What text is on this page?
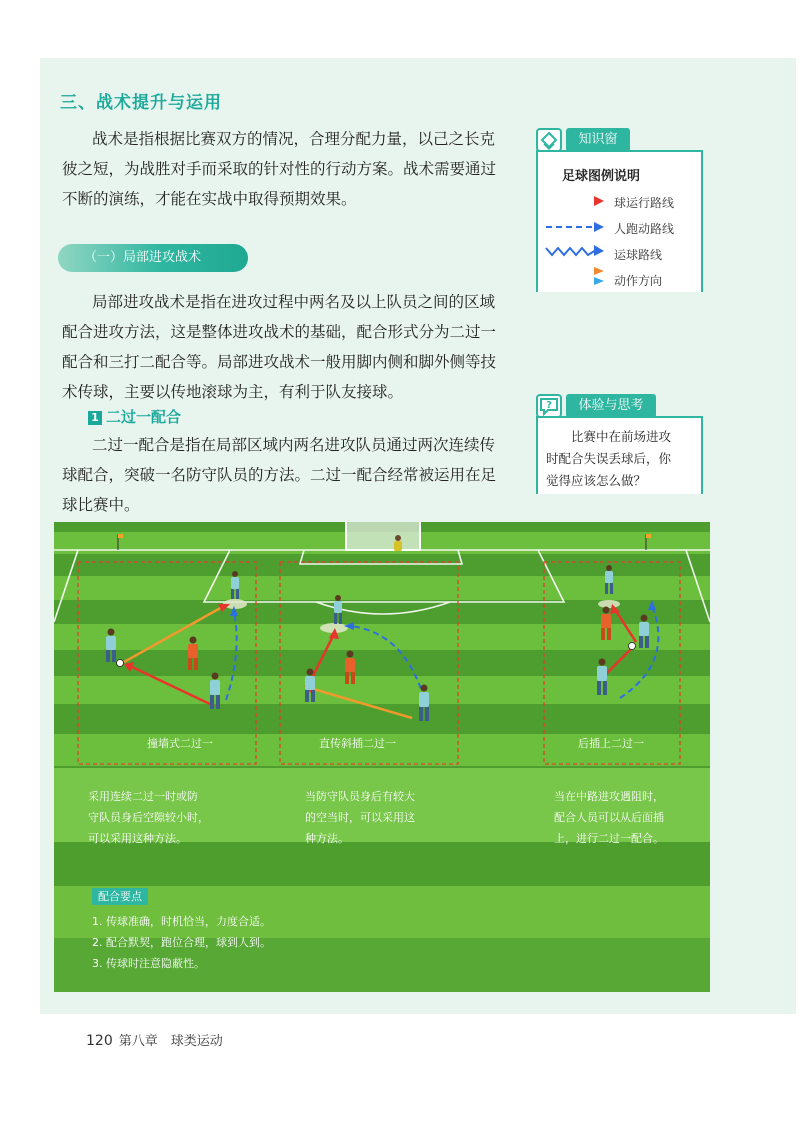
三、战术提升与运用
战术是指根据比赛双方的情况，合理分配力量，以己之长克
彼之短，为战胜对手而采取的针对性的行动方案。战术需要通过
不断的演练，才能在实战中取得预期效果。
（一）局部进攻战术
局部进攻战术是指在进攻过程中两名及以上队员之间的区域
配合进攻方法，这是整体进攻战术的基础，配合形式分为二过一
配合和三打二配合等。局部进攻战术一般用脚内侧和脚外侧等技
术传球，主要以传地滚球为主，有利于队友接球。
1 二过一配合
二过一配合是指在局部区域内两名进攻队员通过两次连续传
球配合，突破一名防守队员的方法。二过一配合经常被运用在足
球比赛中。
知识窗
足球图例说明
球运行路线
人跑动路线
运球路线
动作方向
?	体验与思考
比赛中在前场进攻
时配合失误丢球后，你
觉得应该怎么做？
撞墙式二过一	直传斜插二过一	后插上二过一
采用连续二过一时或防
守队员身后空隙较小时，
可以采用这种方法。
当防守队员身后有较大
的空当时，可以采用这
种方法。
当在中路进攻遇阻时，
配合人员可以从后面插
上，进行二过一配合。
配合要点
1. 传球准确，时机恰当，力度合适。
2. 配合默契，跑位合理，球到人到。
3. 传球时注意隐蔽性。
120 第八章　球类运动
